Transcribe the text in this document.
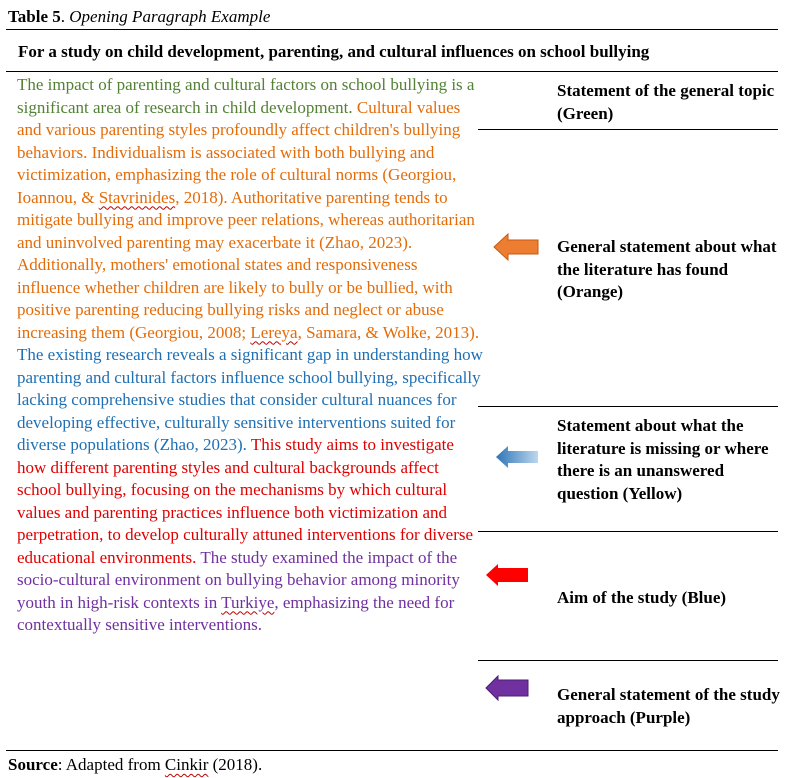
Table 5. Opening Paragraph Example
For a study on child development, parenting, and cultural influences on school bullying
The impact of parenting and cultural factors on school bullying is a significant area of research in child development. Cultural values and various parenting styles profoundly affect children's bullying behaviors. Individualism is associated with both bullying and victimization, emphasizing the role of cultural norms (Georgiou, Ioannou, & Stavrinides, 2018). Authoritative parenting tends to mitigate bullying and improve peer relations, whereas authoritarian and uninvolved parenting may exacerbate it (Zhao, 2023). Additionally, mothers' emotional states and responsiveness influence whether children are likely to bully or be bullied, with positive parenting reducing bullying risks and neglect or abuse increasing them (Georgiou, 2008; Lereya, Samara, & Wolke, 2013). The existing research reveals a significant gap in understanding how parenting and cultural factors influence school bullying, specifically lacking comprehensive studies that consider cultural nuances for developing effective, culturally sensitive interventions suited for diverse populations (Zhao, 2023). This study aims to investigate how different parenting styles and cultural backgrounds affect school bullying, focusing on the mechanisms by which cultural values and parenting practices influence both victimization and perpetration, to develop culturally attuned interventions for diverse educational environments. The study examined the impact of the socio-cultural environment on bullying behavior among minority youth in high-risk contexts in Turkiye, emphasizing the need for contextually sensitive interventions.
Statement of the general topic (Green)
General statement about what the literature has found (Orange)
Statement about what the literature is missing or where there is an unanswered question (Yellow)
Aim of the study (Blue)
General statement of the study approach (Purple)
Source: Adapted from Cinkir (2018).
